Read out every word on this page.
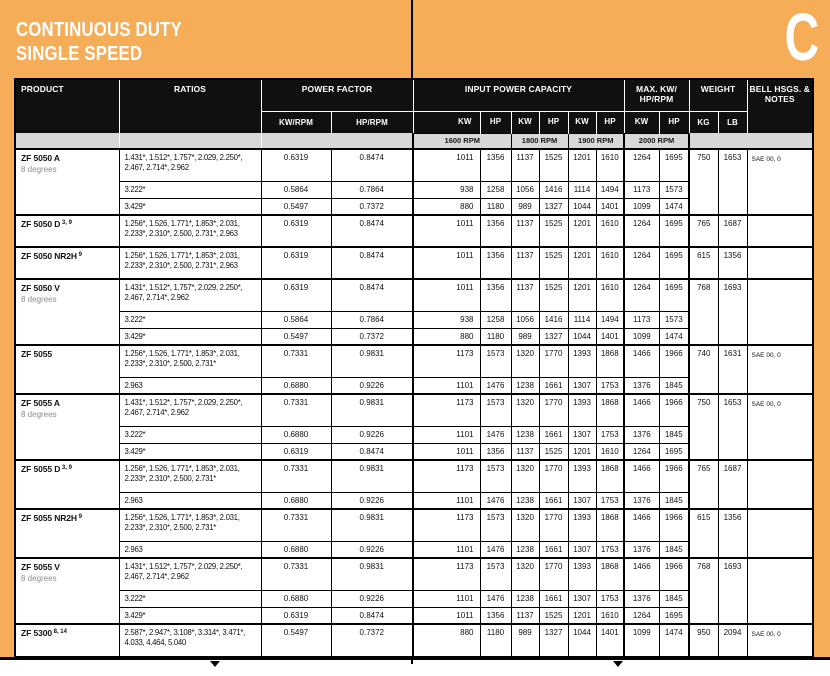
CONTINUOUS DUTY
SINGLE SPEED	C
PRODUCT	RATIOS	POWER FACTOR		INPUT POWER CAPACITY						MAX. KW/
HP/RPM		WEIGHT		BELL HSGS. & NOTES
		KW/RPM	HP/RPM	KW	HP	KW	HP	KW	HP	KW	HP	KG	LB	
				1600 RPM		1800 RPM		1900 RPM		2000 RPM				
ZF 5050 A
8 degrees	1.431*, 1.512*, 1.757*, 2.029, 2.250*, 2.467, 2.714*, 2.962	0.6319	0.8474	1011	1356	1137	1525	1201	1610	1264	1695	750	1653	SAE 00, 0
	3.222*	0.5864	0.7864	938	1258	1056	1416	1114	1494	1173	1573			
	3.429*	0.5497	0.7372	880	1180	989	1327	1044	1401	1099	1474			
ZF 5050 D $^{3, 9}$	1.256*, 1.526, 1.771*, 1.853*, 2.031, 2.233*, 2.310*, 2.500, 2.731*, 2.963	0.6319	0.8474	1011	1356	1137	1525	1201	1610	1264	1695	765	1687	
ZF 5050 NR2H $^9$	1.256*, 1.526, 1.771*, 1.853*, 2.031, 2.233*, 2.310*, 2.500, 2.731*, 2.963	0.6319	0.8474	1011	1356	1137	1525	1201	1610	1264	1695	615	1356	
ZF 5050 V
8 degrees	1.431*, 1.512*, 1.757*, 2.029, 2.250*, 2.467, 2.714*, 2.962	0.6319	0.8474	1011	1356	1137	1525	1201	1610	1264	1695	768	1693	
	3.222*	0.5864	0.7864	938	1258	1056	1416	1114	1494	1173	1573			
	3.429*	0.5497	0.7372	880	1180	989	1327	1044	1401	1099	1474			
ZF 5055	1.256*, 1.526, 1.771*, 1.853*, 2.031, 2.233*, 2.310*, 2.500, 2.731*	0.7331	0.9831	1173	1573	1320	1770	1393	1868	1466	1966	740	1631	SAE 00, 0
	2.963	0.6880	0.9226	1101	1476	1238	1661	1307	1753	1376	1845			
ZF 5055 A
8 degrees	1.431*, 1.512*, 1.757*, 2.029, 2.250*, 2.467, 2.714*, 2.962	0.7331	0.9831	1173	1573	1320	1770	1393	1868	1466	1966	750	1653	SAE 00, 0
	3.222*	0.6880	0.9226	1101	1476	1238	1661	1307	1753	1376	1845			
	3.429*	0.6319	0.8474	1011	1356	1137	1525	1201	1610	1264	1695			
ZF 5055 D $^{3, 9}$	1.256*, 1.526, 1.771*, 1.853*, 2.031, 2.233*, 2.310*, 2.500, 2.731*	0.7331	0.9831	1173	1573	1320	1770	1393	1868	1466	1966	765	1687	
	2.963	0.6880	0.9226	1101	1476	1238	1661	1307	1753	1376	1845			
ZF 5055 NR2H $^9$	1.256*, 1.526, 1.771*, 1.853*, 2.031, 2.233*, 2.310*, 2.500, 2.731*	0.7331	0.9831	1173	1573	1320	1770	1393	1868	1466	1966	615	1356	
	2.963	0.6880	0.9226	1101	1476	1238	1661	1307	1753	1376	1845			
ZF 5055 V
8 degrees	1.431*, 1.512*, 1.757*, 2.029, 2.250*, 2.467, 2.714*, 2.962	0.7331	0.9831	1173	1573	1320	1770	1393	1868	1466	1966	768	1693	
	3.222*	0.6880	0.9226	1101	1476	1238	1661	1307	1753	1376	1845			
	3.429*	0.6319	0.8474	1011	1356	1137	1525	1201	1610	1264	1695			
ZF 5300 $^{8, 14}$	2.587*, 2.947*, 3.108*, 3.314*, 3.471*, 4.033, 4.464, 5.040	0.5497	0.7372	880	1180	989	1327	1044	1401	1099	1474	950	2094	SAE 00, 0
